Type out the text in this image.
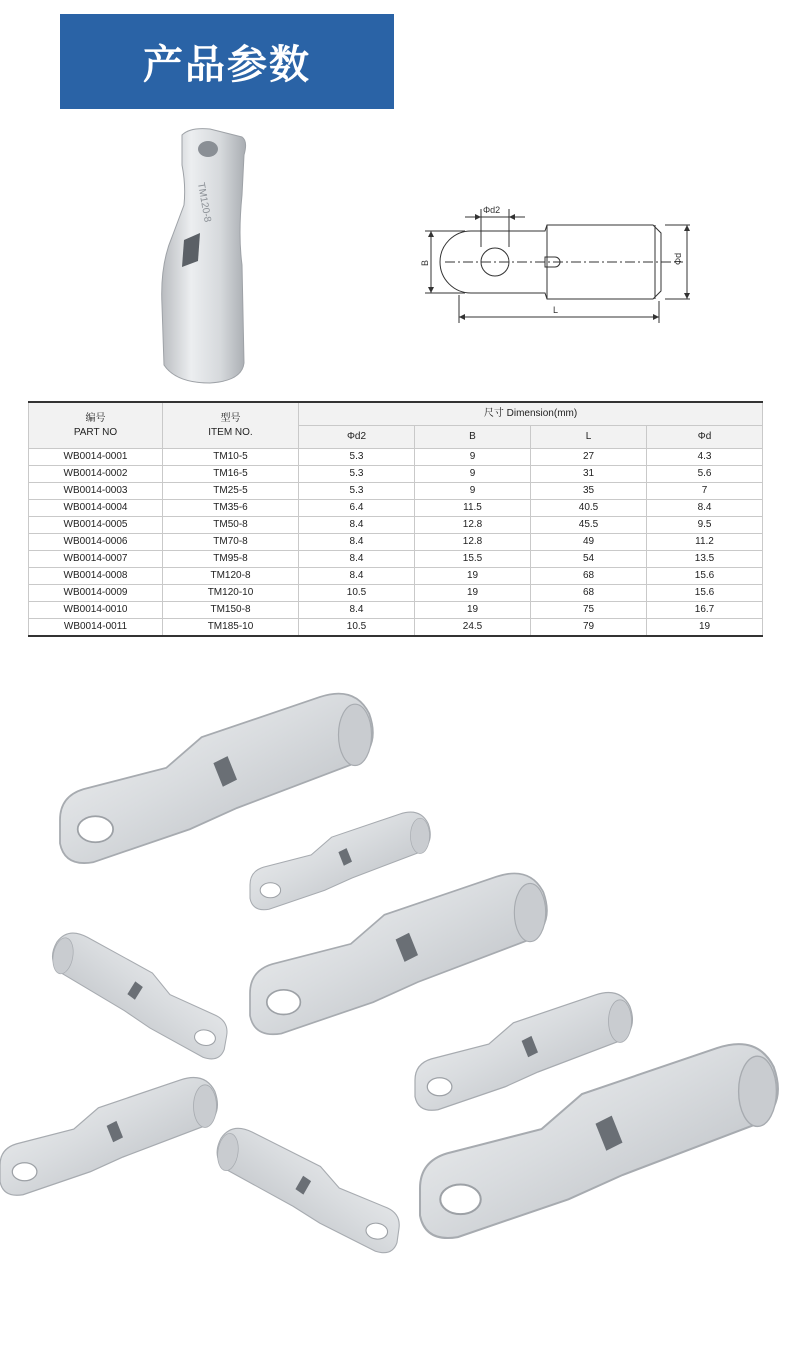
产品参数
TM120-8	Φd2
B
L
Φd
编号
PART NO	型号
ITEM NO.	尺寸 Dimension(mm)			
		Φd2	B	L	Φd
WB0014-0001	TM10-5	5.3	9	27	4.3
WB0014-0002	TM16-5	5.3	9	31	5.6
WB0014-0003	TM25-5	5.3	9	35	7
WB0014-0004	TM35-6	6.4	11.5	40.5	8.4
WB0014-0005	TM50-8	8.4	12.8	45.5	9.5
WB0014-0006	TM70-8	8.4	12.8	49	11.2
WB0014-0007	TM95-8	8.4	15.5	54	13.5
WB0014-0008	TM120-8	8.4	19	68	15.6
WB0014-0009	TM120-10	10.5	19	68	15.6
WB0014-0010	TM150-8	8.4	19	75	16.7
WB0014-0011	TM185-10	10.5	24.5	79	19
